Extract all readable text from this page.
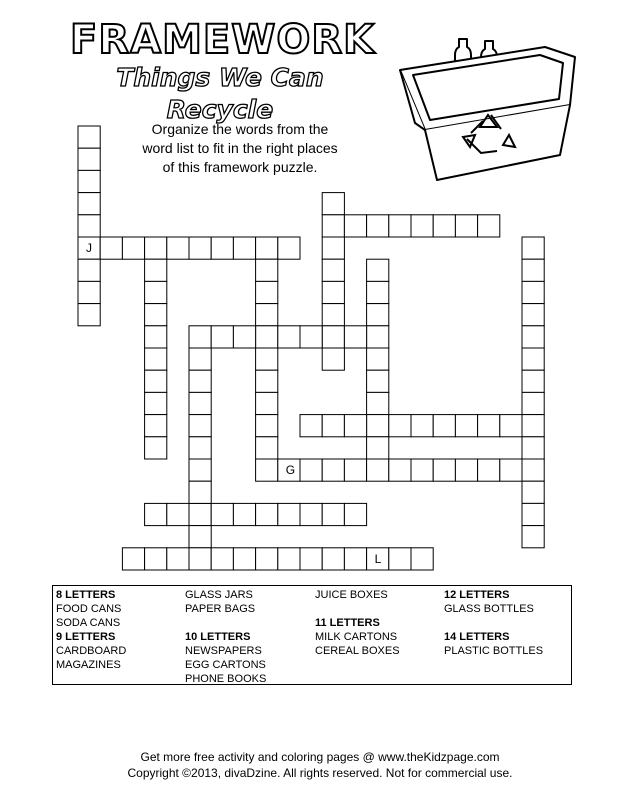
FRAMEWORK
Things We Can Recycle
Organize the words from the word list to fit in the right places of this framework puzzle.
J
G
L
8 LETTERS
FOOD CANS
SODA CANS
9 LETTERS
CARDBOARD
MAGAZINES
GLASS JARS
PAPER BAGS
10 LETTERS
NEWSPAPERS
EGG CARTONS
PHONE BOOKS
JUICE BOXES
11 LETTERS
MILK CARTONS
CEREAL BOXES
12 LETTERS
GLASS BOTTLES
14 LETTERS
PLASTIC BOTTLES
Get more free activity and coloring pages @ www.theKidzpage.com
Copyright ©2013, divaDzine. All rights reserved. Not for commercial use.
